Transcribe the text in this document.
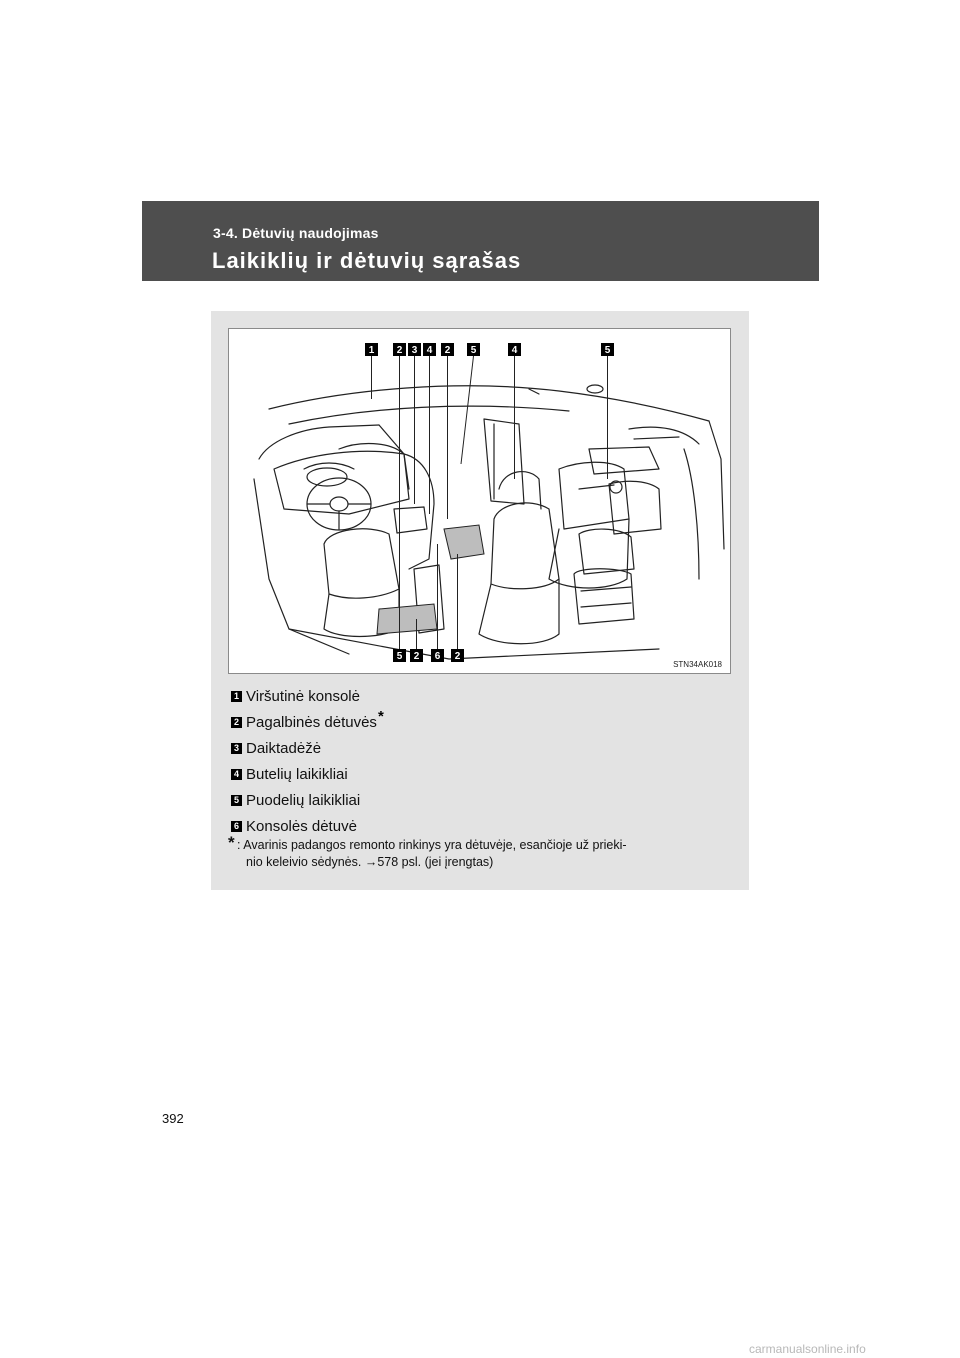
3-4. Dėtuvių naudojimas
Laikiklių ir dėtuvių sąrašas
1 2 3 4 2 5	4	5
5 2 6 2
STN34AK018
1 Viršutinė konsolė
2 Pagalbinės dėtuvės *
3 Daiktadėžė
4 Butelių laikikliai
5 Puodelių laikikliai
6 Konsolės dėtuvė
* : Avarinis padangos remonto rinkinys yra dėtuvėje, esančioje už prieki-
nio keleivio sėdynės. →578 psl. (jei įrengtas)
392
carmanualsonline.info
